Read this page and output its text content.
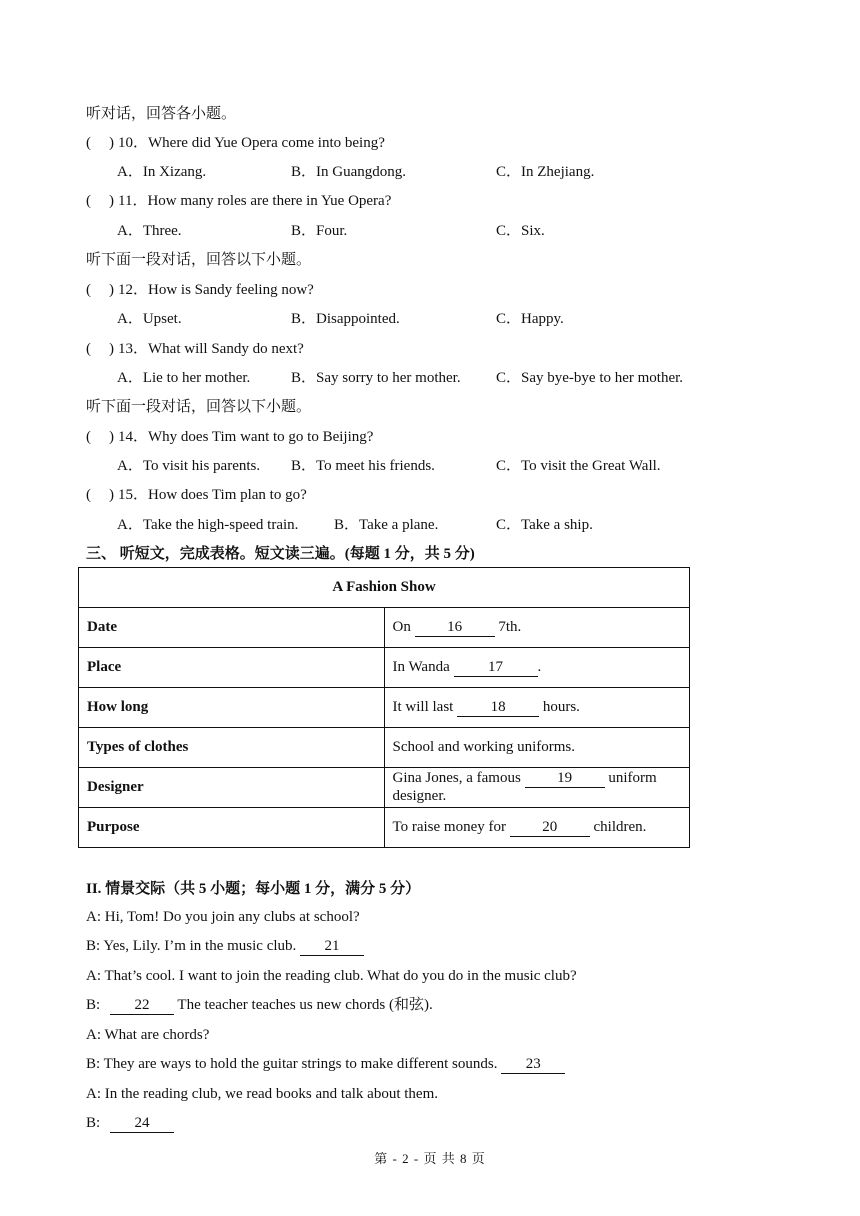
听对话，回答各小题。
( ) 10．Where did Yue Opera come into being?
A．In Xizang.	B．In Guangdong.	C．In Zhejiang.
( ) 11．How many roles are there in Yue Opera?
A．Three.	B．Four.	C．Six.
听下面一段对话，回答以下小题。
( ) 12．How is Sandy feeling now?
A．Upset.	B．Disappointed.	C．Happy.
( ) 13．What will Sandy do next?
A．Lie to her mother.	B．Say sorry to her mother. C．Say bye-bye to her mother.
听下面一段对话，回答以下小题。
( ) 14．Why does Tim want to go to Beijing?
A．To visit his parents. B．To meet his friends.	C．To visit the Great Wall.
( ) 15．How does Tim plan to go?
A．Take the high-speed train. B．Take a plane.	C．Take a ship.
三、 听短文，完成表格。短文读三遍。(每题 1 分，共 5 分)
A Fashion Show	
Date	On 16 7th.
Place	In Wanda 17 .
How long	It will last 18 hours.
Types of clothes	School and working uniforms.
Designer	Gina Jones, a famous 19 uniform designer.
Purpose	To raise money for 20 children.
II. 情景交际（共 5 小题；每小题 1 分，满分 5 分）
A: Hi, Tom! Do you join any clubs at school?
B: Yes, Lily. I’m in the music club. 21
A: That’s cool. I want to join the reading club. What do you do in the music club?
B: 22 The teacher teaches us new chords (和弦).
A: What are chords?
B: They are ways to hold the guitar strings to make different sounds. 23
A: In the reading club, we read books and talk about them.
B: 24
第 - 2 - 页 共 8 页
